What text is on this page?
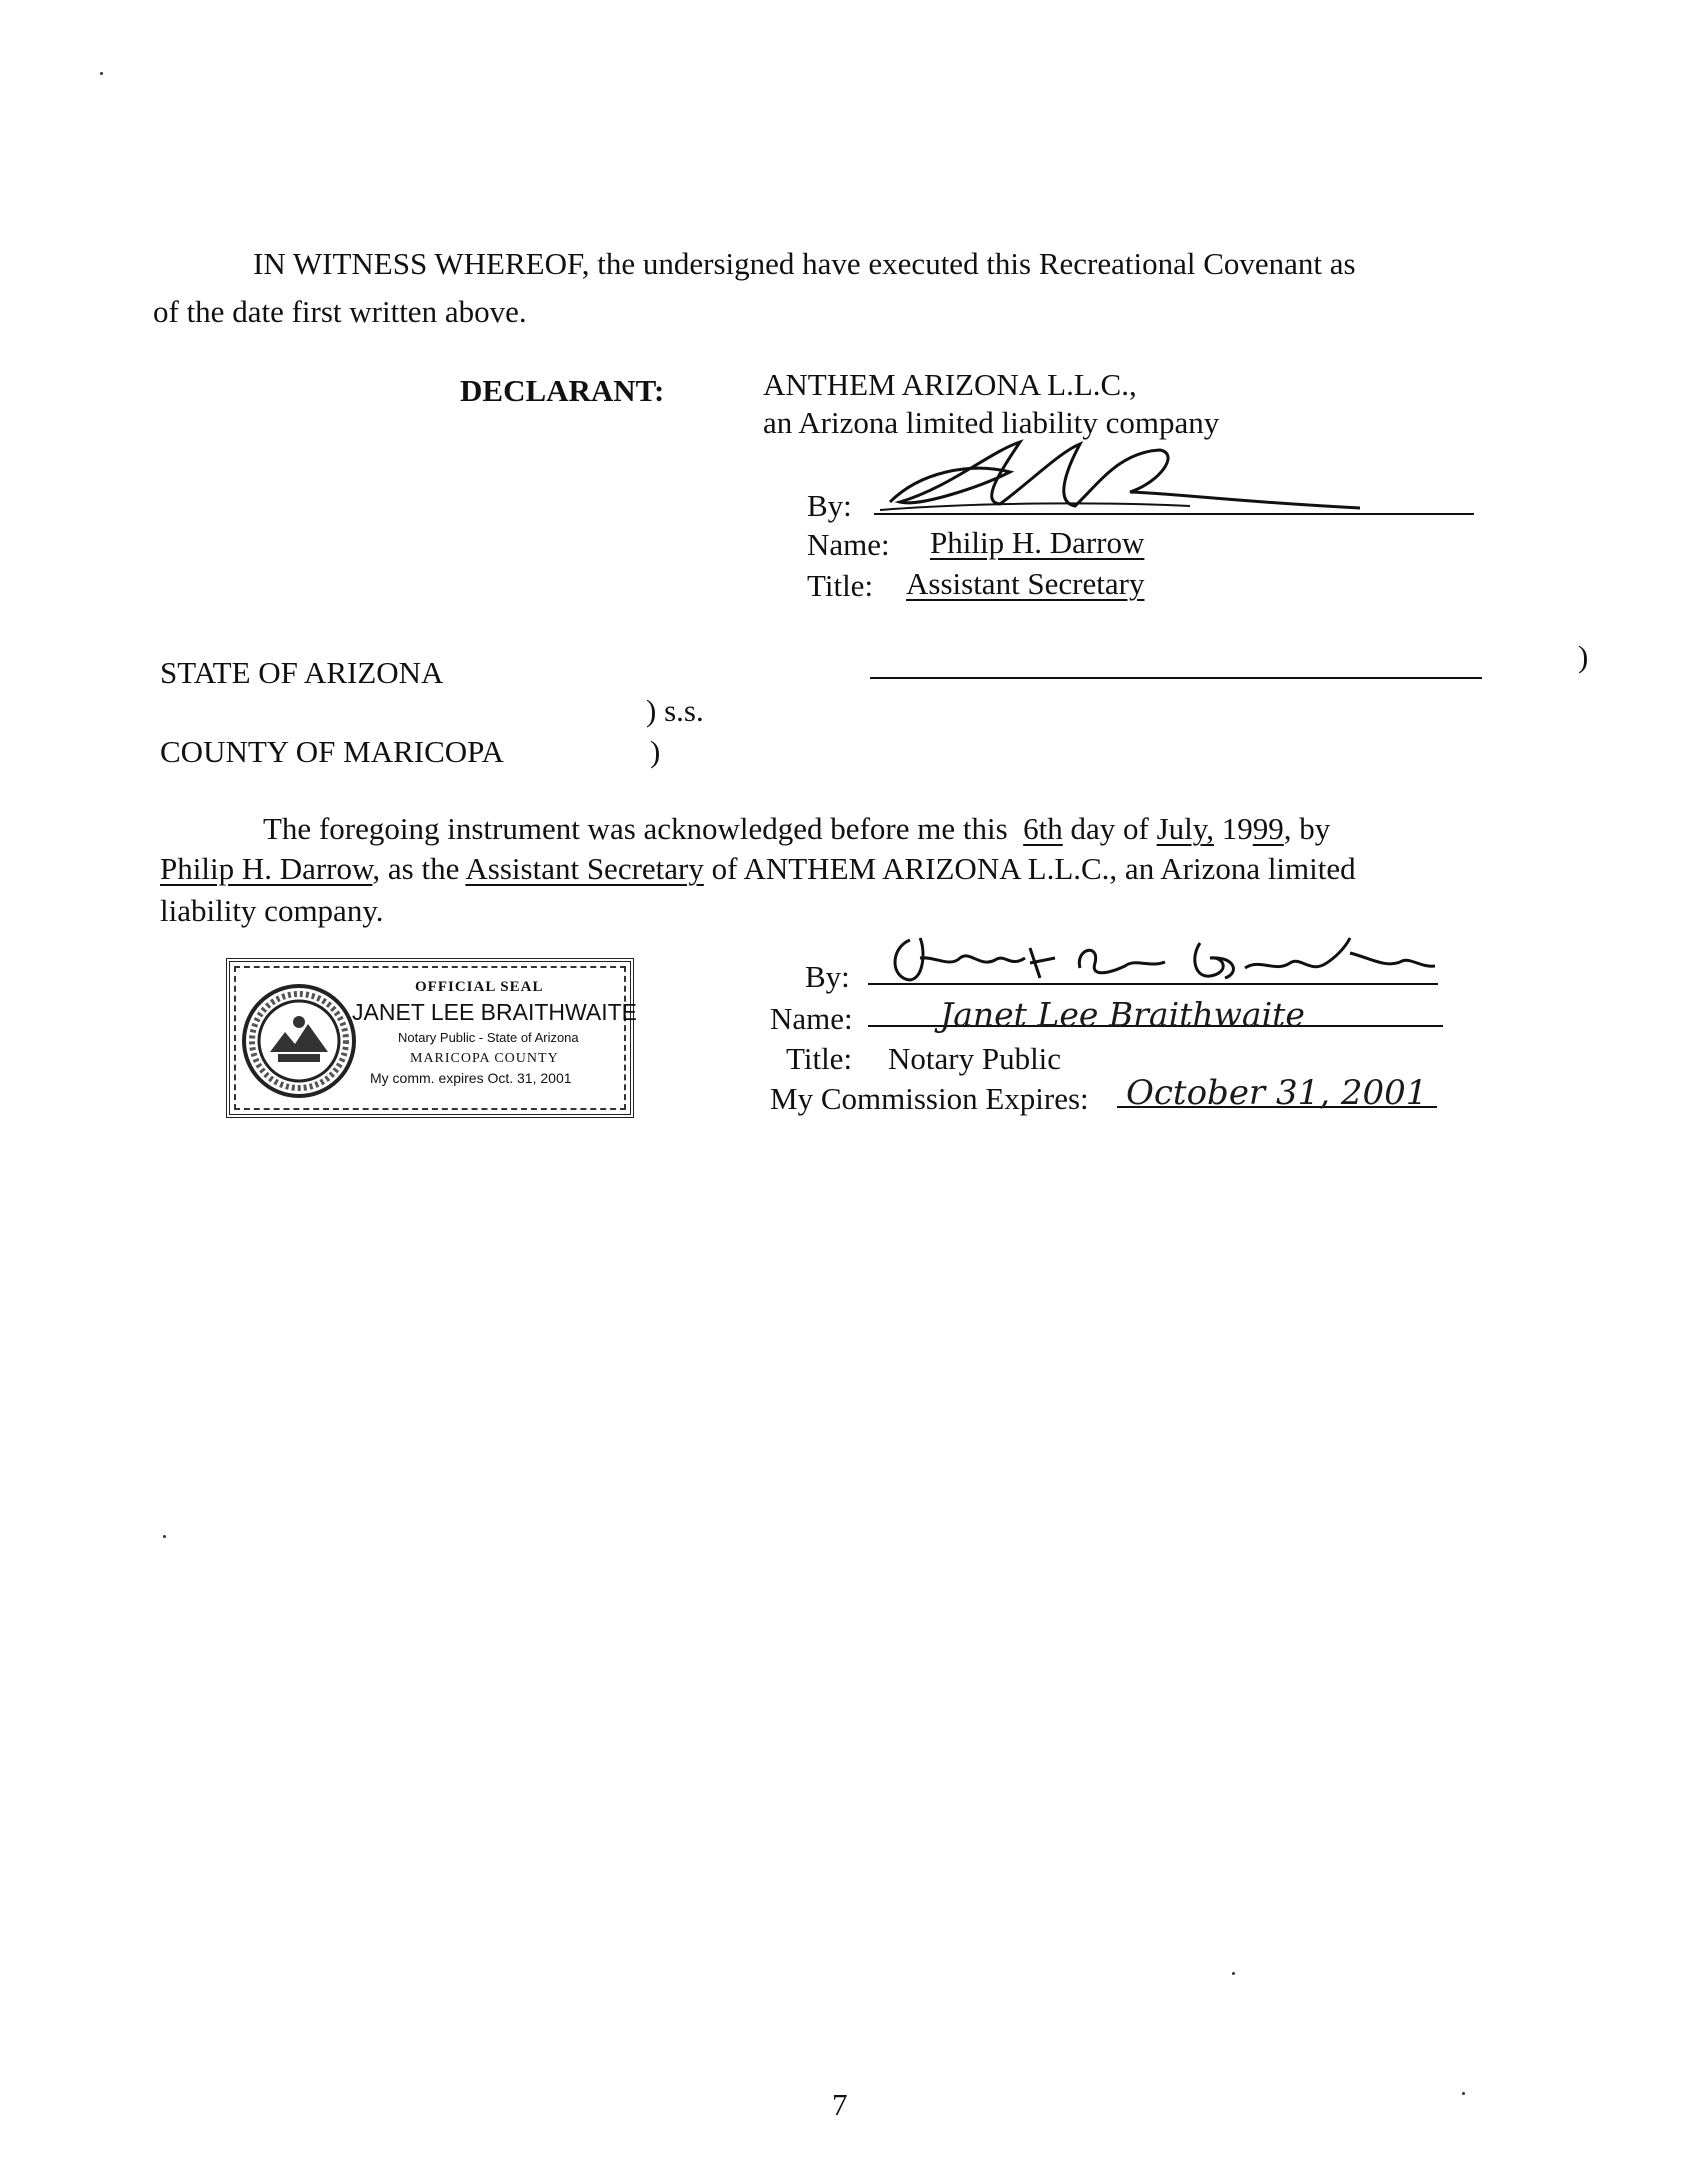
IN WITNESS WHEREOF, the undersigned have executed this Recreational Covenant as
of the date first written above.
DECLARANT:	ANTHEM ARIZONA L.L.C.,
an Arizona limited liability company
By:
Name: Philip H. Darrow
Title: Assistant Secretary
STATE OF ARIZONA	)
) s.s.
COUNTY OF MARICOPA	)
The foregoing instrument was acknowledged before me this 6th day of July, 1999, by
Philip H. Darrow, as the Assistant Secretary of ANTHEM ARIZONA L.L.C., an Arizona limited
liability company.
OFFICIAL SEAL
JANET LEE BRAITHWAITE
Notary Public - State of Arizona
MARICOPA COUNTY
My comm. expires Oct. 31, 2001
By:
Name:	Janet Lee Braithwaite
Title: Notary Public
My Commission Expires: October 31, 2001
7
